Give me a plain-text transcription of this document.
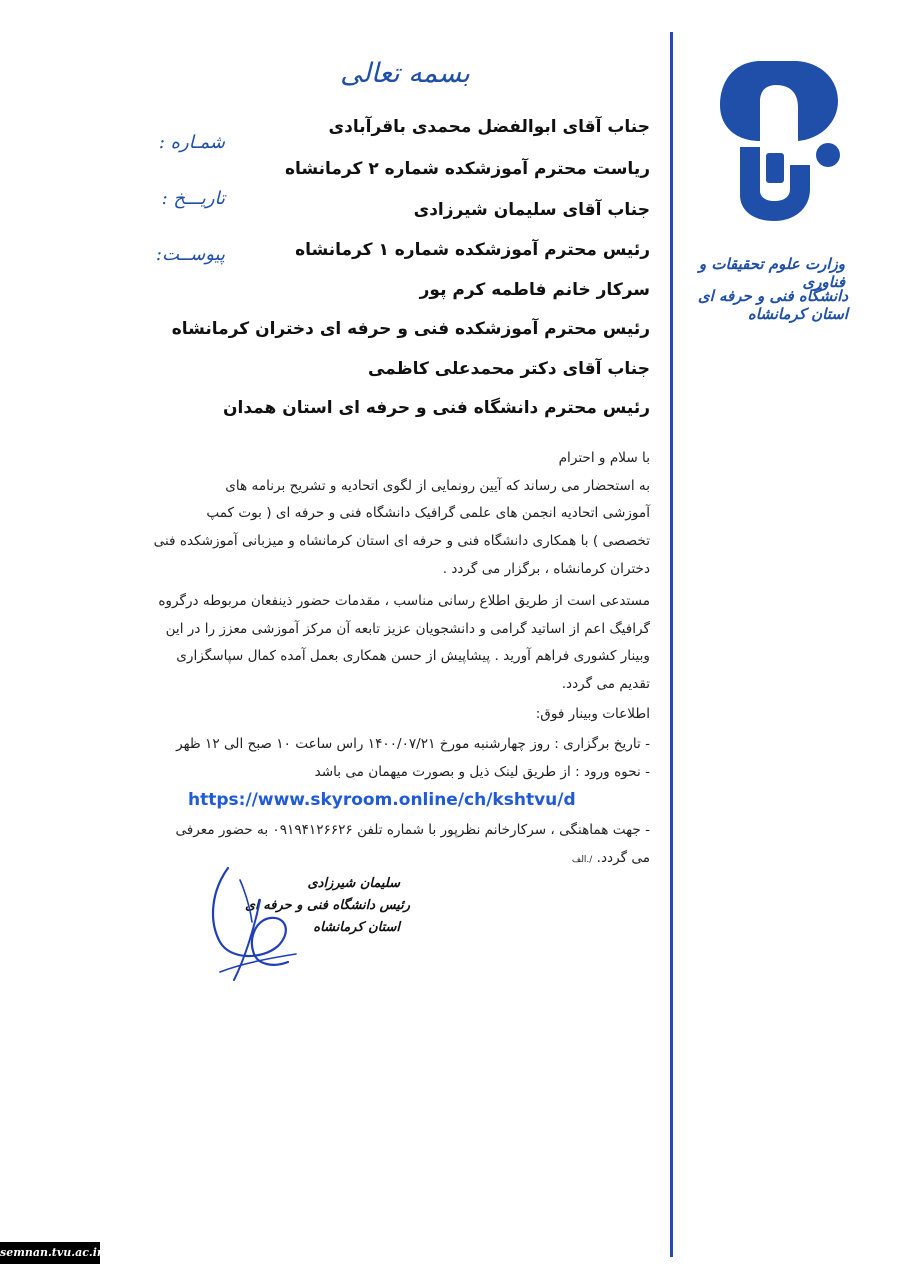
وزارت علوم تحقیقات و فناوری
دانشگاه فنی و حرفه ای استان کرمانشاه
شمـاره :
تاریـــخ :
پیوســت:
بسمه تعالی
جناب آقای ابوالفضل محمدی باقرآبادی
ریاست محترم آموزشکده شماره ۲ کرمانشاه
جناب آقای سلیمان شیرزادی
رئیس محترم آموزشکده شماره ۱ کرمانشاه
سرکار خانم فاطمه کرم پور
رئیس محترم آموزشکده فنی و حرفه ای دختران کرمانشاه
جناب آقای دکتر محمدعلی کاظمی
رئیس محترم دانشگاه فنی و حرفه ای استان همدان
با سلام و احترام
به استحضار می رساند که آیین رونمایی از لگوی اتحادیه و تشریح برنامه های
آموزشی اتحادیه انجمن های علمی گرافیک دانشگاه فنی و حرفه ای ( بوت کمپ
تخصصی ) با همکاری دانشگاه فنی و حرفه ای استان کرمانشاه و میزبانی آموزشکده فنی
دختران کرمانشاه ، برگزار می گردد .
مستدعی است از طریق اطلاع رسانی مناسب ، مقدمات حضور ذینفعان مربوطه درگروه
گرافیگ اعم از اساتید گرامی و دانشجویان عزیز تابعه آن مرکز آموزشی معزز را در این
وبینار کشوری فراهم آورید . پیشاپیش از حسن همکاری بعمل آمده کمال سپاسگزاری
تقدیم می گردد.
اطلاعات وبینار فوق:
- تاریخ برگزاری : روز چهارشنبه مورخ ۱۴۰۰/۰۷/۲۱ راس ساعت ۱۰ صبح الی ۱۲ ظهر
- نحوه ورود : از طریق لینک ذیل و بصورت میهمان می باشد
https://www.skyroom.online/ch/kshtvu/d
- جهت هماهنگی ، سرکارخانم نظرپور با شماره تلفن ۰۹۱۹۴۱۲۶۶۲۶ به حضور معرفی
می گردد. /.الف
سلیمان شیرزادی
رئیس دانشگاه فنی و حرفه ای
استان کرمانشاه
semnan.tvu.ac.ir
